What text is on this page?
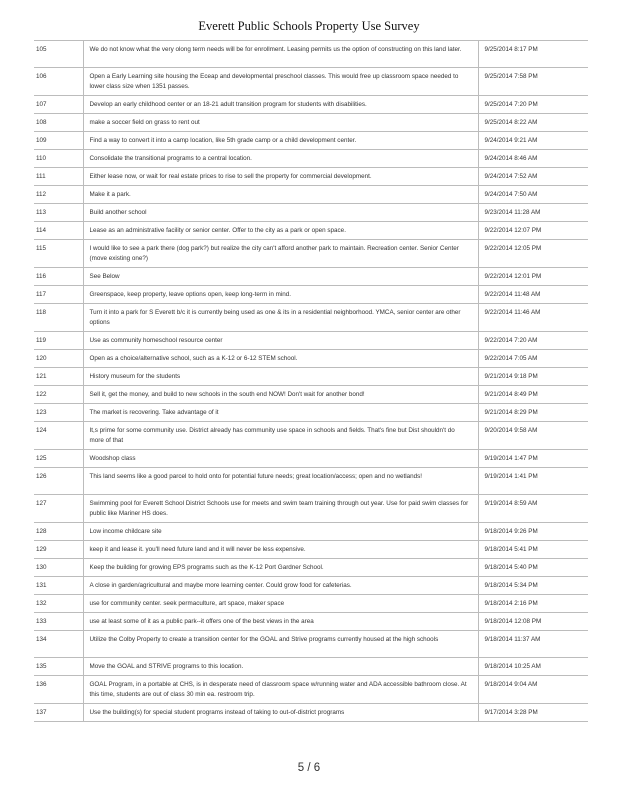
Everett Public Schools Property Use Survey
105	We do not know what the very olong term needs will be for enrollment. Leasing permits us the option of constructing on this land later.	9/25/2014 8:17 PM
106	Open a Early Learning site housing the Eceap and developmental preschool classes. This would free up classroom space needed to lower class size when 1351 passes.	9/25/2014 7:58 PM
107	Develop an early childhood center or an 18-21 adult transition program for students with disabilities.	9/25/2014 7:20 PM
108	make a soccer field on grass to rent out	9/25/2014 8:22 AM
109	Find a way to convert it into a camp location, like 5th grade camp or a child development center.	9/24/2014 9:21 AM
110	Consolidate the transitional programs to a central location.	9/24/2014 8:46 AM
111	Either lease now, or wait for real estate prices to rise to sell the property for commercial development.	9/24/2014 7:52 AM
112	Make it a park.	9/24/2014 7:50 AM
113	Build another school	9/23/2014 11:28 AM
114	Lease as an administrative facility or senior center. Offer to the city as a park or open space.	9/22/2014 12:07 PM
115	I would like to see a park there (dog park?) but realize the city can't afford another park to maintain. Recreation center. Senior Center (move existing one?)	9/22/2014 12:05 PM
116	See Below	9/22/2014 12:01 PM
117	Greenspace, keep property, leave options open, keep long-term in mind.	9/22/2014 11:48 AM
118	Turn it into a park for S Everett b/c it is currently being used as one & its in a residential neighborhood. YMCA, senior center are other options	9/22/2014 11:46 AM
119	Use as community homeschool resource center	9/22/2014 7:20 AM
120	Open as a choice/alternative school, such as a K-12 or 6-12 STEM school.	9/22/2014 7:05 AM
121	History museum for the students	9/21/2014 9:18 PM
122	Sell it, get the money, and build to new schools in the south end NOW! Don't wait for another bond!	9/21/2014 8:49 PM
123	The market is recovering. Take advantage of it	9/21/2014 8:29 PM
124	It,s prime for some community use. District already has community use space in schools and fields. That's fine but Dist shouldn't do more of that	9/20/2014 9:58 AM
125	Woodshop class	9/19/2014 1:47 PM
126	This land seems like a good parcel to hold onto for potential future needs; great location/access; open and no wetlands!	9/19/2014 1:41 PM
127	Swimming pool for Everett School District Schools use for meets and swim team training through out year. Use for paid swim classes for public like Mariner HS does.	9/19/2014 8:59 AM
128	Low income childcare site	9/18/2014 9:26 PM
129	keep it and lease it. you'll need future land and it will never be less expensive.	9/18/2014 5:41 PM
130	Keep the building for growing EPS programs such as the K-12 Port Gardner School.	9/18/2014 5:40 PM
131	A close in garden/agricultural and maybe more learning center. Could grow food for cafeterias.	9/18/2014 5:34 PM
132	use for community center. seek permaculture, art space, maker space	9/18/2014 2:16 PM
133	use at least some of it as a public park--it offers one of the best views in the area	9/18/2014 12:08 PM
134	Utilize the Colby Property to create a transition center for the GOAL and Strive programs currently housed at the high schools	9/18/2014 11:37 AM
135	Move the GOAL and STRIVE programs to this location.	9/18/2014 10:25 AM
136	GOAL Program, in a portable at CHS, is in desperate need of classroom space w/running water and ADA accessible bathroom close. At this time, students are out of class 30 min ea. restroom trip.	9/18/2014 9:04 AM
137	Use the building(s) for special student programs instead of taking to out-of-district programs	9/17/2014 3:28 PM
5 / 6
